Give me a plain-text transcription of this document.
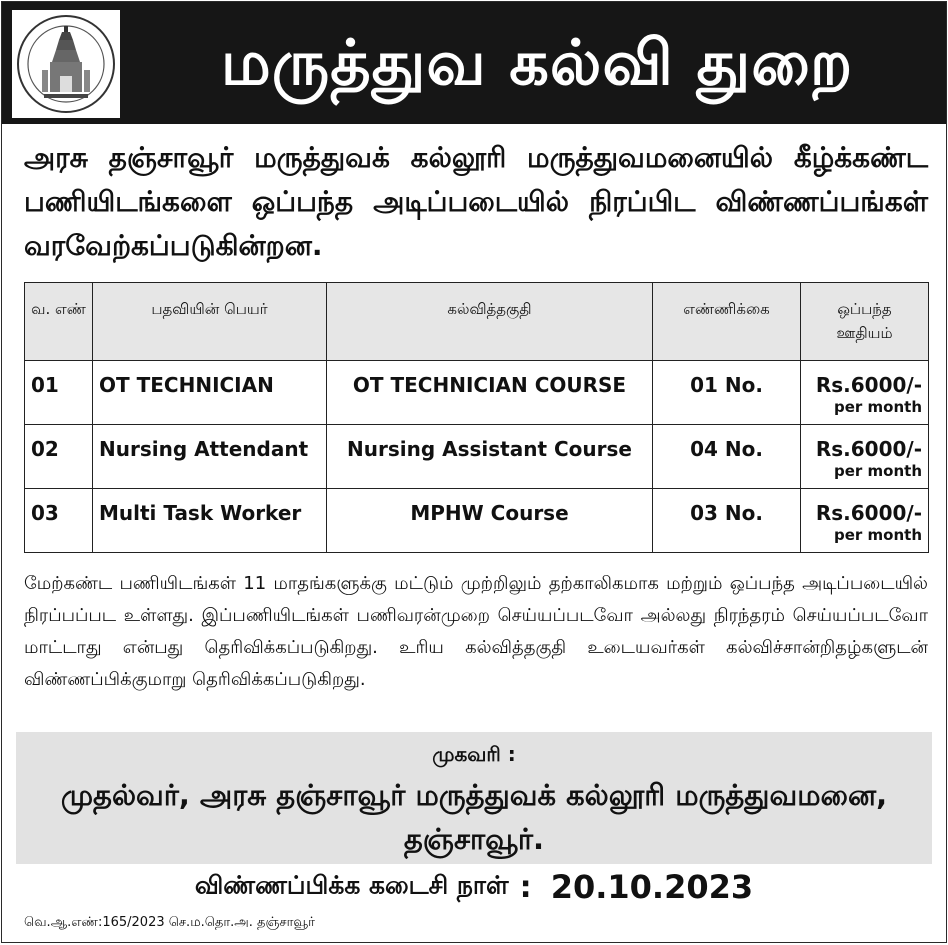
மருத்துவ கல்வி துறை

அரசு தஞ்சாவூர் மருத்துவக் கல்லூரி மருத்துவமனையில் கீழ்க்கண்ட பணியிடங்களை ஒப்பந்த அடிப்படையில் நிரப்பிட விண்ணப்பங்கள் வரவேற்கப்படுகின்றன.

வ. எண்	பதவியின் பெயர்	கல்வித்தகுதி	எண்ணிக்கை	ஒப்பந்த ஊதியம்
01	OT TECHNICIAN	OT TECHNICIAN COURSE	01 No.	Rs.6000/-
per month

02	Nursing Attendant	Nursing Assistant Course	04 No.	Rs.6000/-
per month

03	Multi Task Worker	MPHW Course	03 No.	Rs.6000/-
per month

மேற்கண்ட பணியிடங்கள் 11 மாதங்களுக்கு மட்டும் முற்றிலும் தற்காலிகமாக மற்றும் ஒப்பந்த அடிப்படையில் நிரப்பப்பட உள்ளது. இப்பணியிடங்கள் பணிவரன்முறை செய்யப்படவோ அல்லது நிரந்தரம் செய்யப்படவோ மாட்டாது என்பது தெரிவிக்கப்படுகிறது. உரிய கல்வித்தகுதி உடையவர்கள் கல்விச்சான்றிதழ்களுடன் விண்ணப்பிக்குமாறு தெரிவிக்கப்படுகிறது.

முகவரி :
முதல்வர், அரசு தஞ்சாவூர் மருத்துவக் கல்லூரி மருத்துவமனை,
தஞ்சாவூர்.
விண்ணப்பிக்க கடைசி நாள் : 20.10.2023
வெ.ஆ.எண்:165/2023 செ.ம.தொ.அ. தஞ்சாவூர்
